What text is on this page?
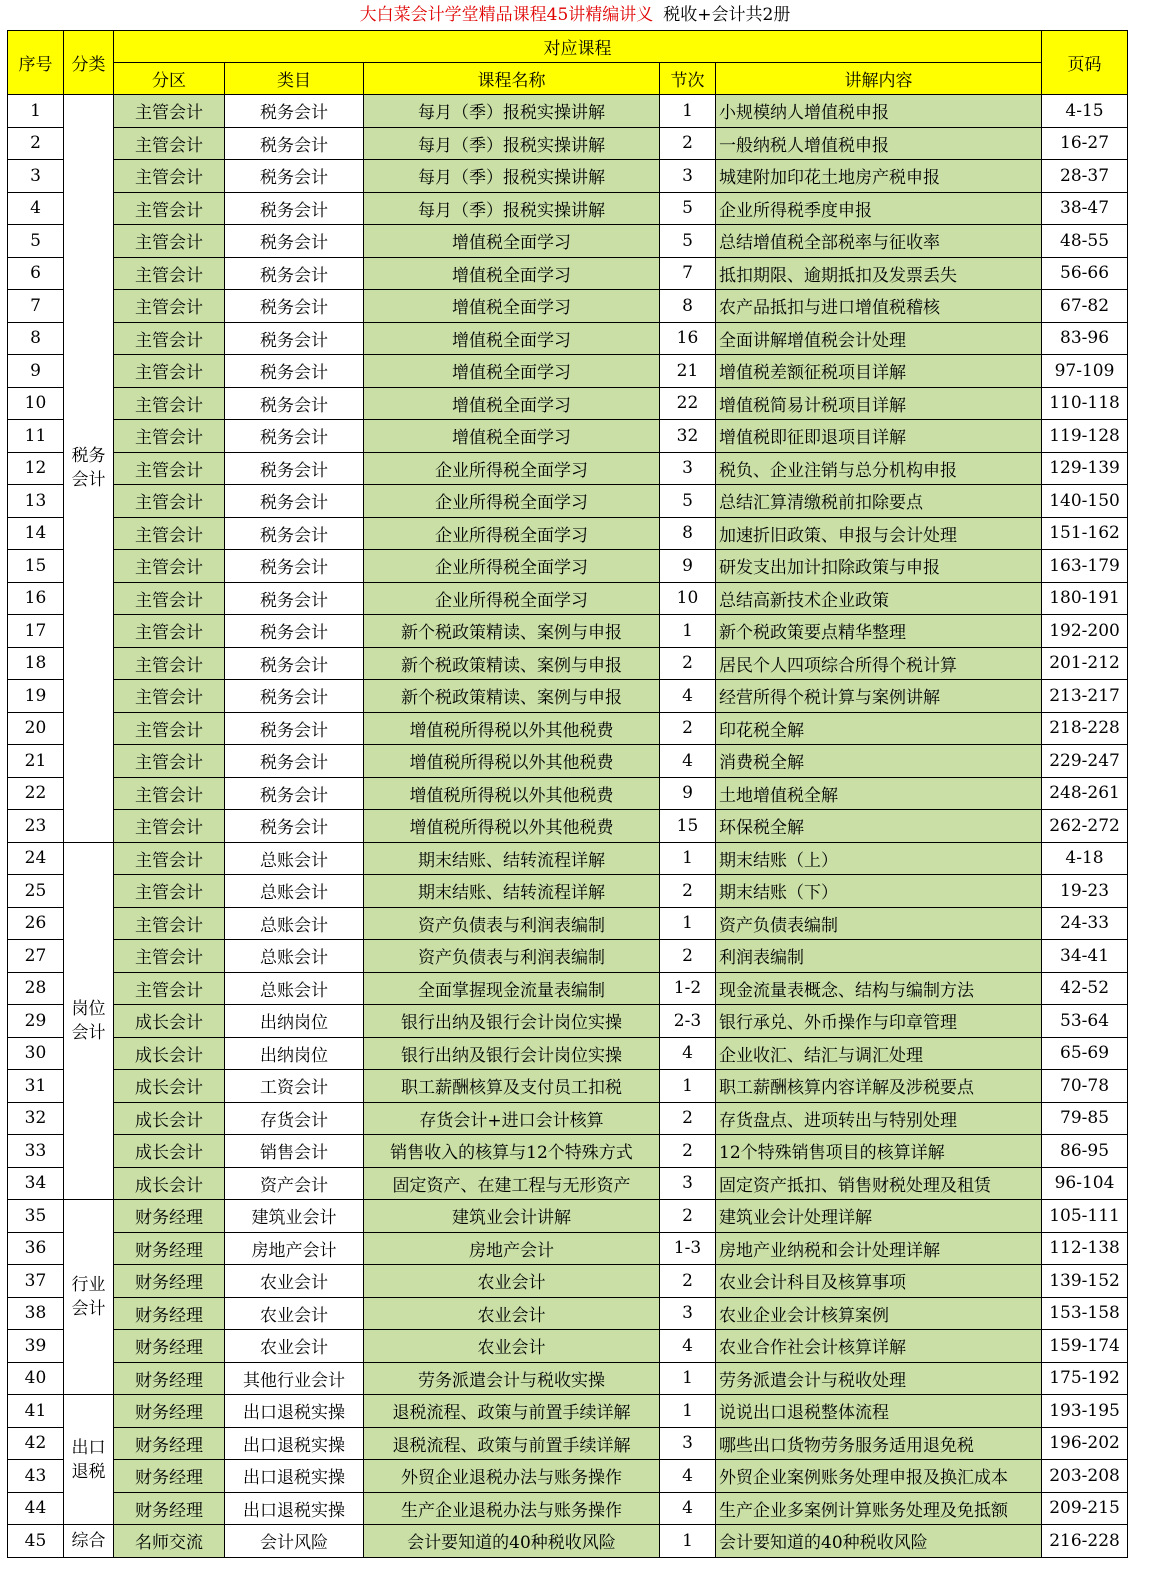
大白菜会计学堂精品课程45讲精编讲义 税收+会计共2册
序号	分类	对应课程					页码
		分区	类目	课程名称	节次	讲解内容	
1	税务会计	主管会计	税务会计	每月（季）报税实操讲解	1	小规模纳人增值税申报	4-15
2		主管会计	税务会计	每月（季）报税实操讲解	2	一般纳税人增值税申报	16-27
3		主管会计	税务会计	每月（季）报税实操讲解	3	城建附加印花土地房产税申报	28-37
4		主管会计	税务会计	每月（季）报税实操讲解	5	企业所得税季度申报	38-47
5		主管会计	税务会计	增值税全面学习	5	总结增值税全部税率与征收率	48-55
6		主管会计	税务会计	增值税全面学习	7	抵扣期限、逾期抵扣及发票丢失	56-66
7		主管会计	税务会计	增值税全面学习	8	农产品抵扣与进口增值税稽核	67-82
8		主管会计	税务会计	增值税全面学习	16	全面讲解增值税会计处理	83-96
9		主管会计	税务会计	增值税全面学习	21	增值税差额征税项目详解	97-109
10		主管会计	税务会计	增值税全面学习	22	增值税简易计税项目详解	110-118
11		主管会计	税务会计	增值税全面学习	32	增值税即征即退项目详解	119-128
12		主管会计	税务会计	企业所得税全面学习	3	税负、企业注销与总分机构申报	129-139
13		主管会计	税务会计	企业所得税全面学习	5	总结汇算清缴税前扣除要点	140-150
14		主管会计	税务会计	企业所得税全面学习	8	加速折旧政策、申报与会计处理	151-162
15		主管会计	税务会计	企业所得税全面学习	9	研发支出加计扣除政策与申报	163-179
16		主管会计	税务会计	企业所得税全面学习	10	总结高新技术企业政策	180-191
17		主管会计	税务会计	新个税政策精读、案例与申报	1	新个税政策要点精华整理	192-200
18		主管会计	税务会计	新个税政策精读、案例与申报	2	居民个人四项综合所得个税计算	201-212
19		主管会计	税务会计	新个税政策精读、案例与申报	4	经营所得个税计算与案例讲解	213-217
20		主管会计	税务会计	增值税所得税以外其他税费	2	印花税全解	218-228
21		主管会计	税务会计	增值税所得税以外其他税费	4	消费税全解	229-247
22		主管会计	税务会计	增值税所得税以外其他税费	9	土地增值税全解	248-261
23		主管会计	税务会计	增值税所得税以外其他税费	15	环保税全解	262-272
24	岗位会计	主管会计	总账会计	期末结账、结转流程详解	1	期末结账（上）	4-18
25		主管会计	总账会计	期末结账、结转流程详解	2	期末结账（下）	19-23
26		主管会计	总账会计	资产负债表与利润表编制	1	资产负债表编制	24-33
27		主管会计	总账会计	资产负债表与利润表编制	2	利润表编制	34-41
28		主管会计	总账会计	全面掌握现金流量表编制	1-2	现金流量表概念、结构与编制方法	42-52
29		成长会计	出纳岗位	银行出纳及银行会计岗位实操	2-3	银行承兑、外币操作与印章管理	53-64
30		成长会计	出纳岗位	银行出纳及银行会计岗位实操	4	企业收汇、结汇与调汇处理	65-69
31		成长会计	工资会计	职工薪酬核算及支付员工扣税	1	职工薪酬核算内容详解及涉税要点	70-78
32		成长会计	存货会计	存货会计+进口会计核算	2	存货盘点、进项转出与特别处理	79-85
33		成长会计	销售会计	销售收入的核算与12个特殊方式	2	12个特殊销售项目的核算详解	86-95
34		成长会计	资产会计	固定资产、在建工程与无形资产	3	固定资产抵扣、销售财税处理及租赁	96-104
35	行业会计	财务经理	建筑业会计	建筑业会计讲解	2	建筑业会计处理详解	105-111
36		财务经理	房地产会计	房地产会计	1-3	房地产业纳税和会计处理详解	112-138
37		财务经理	农业会计	农业会计	2	农业会计科目及核算事项	139-152
38		财务经理	农业会计	农业会计	3	农业企业会计核算案例	153-158
39		财务经理	农业会计	农业会计	4	农业合作社会计核算详解	159-174
40		财务经理	其他行业会计	劳务派遣会计与税收实操	1	劳务派遣会计与税收处理	175-192
41	出口退税	财务经理	出口退税实操	退税流程、政策与前置手续详解	1	说说出口退税整体流程	193-195
42		财务经理	出口退税实操	退税流程、政策与前置手续详解	3	哪些出口货物劳务服务适用退免税	196-202
43		财务经理	出口退税实操	外贸企业退税办法与账务操作	4	外贸企业案例账务处理申报及换汇成本	203-208
44		财务经理	出口退税实操	生产企业退税办法与账务操作	4	生产企业多案例计算账务处理及免抵额	209-215
45	综合	名师交流	会计风险	会计要知道的40种税收风险	1	会计要知道的40种税收风险	216-228
